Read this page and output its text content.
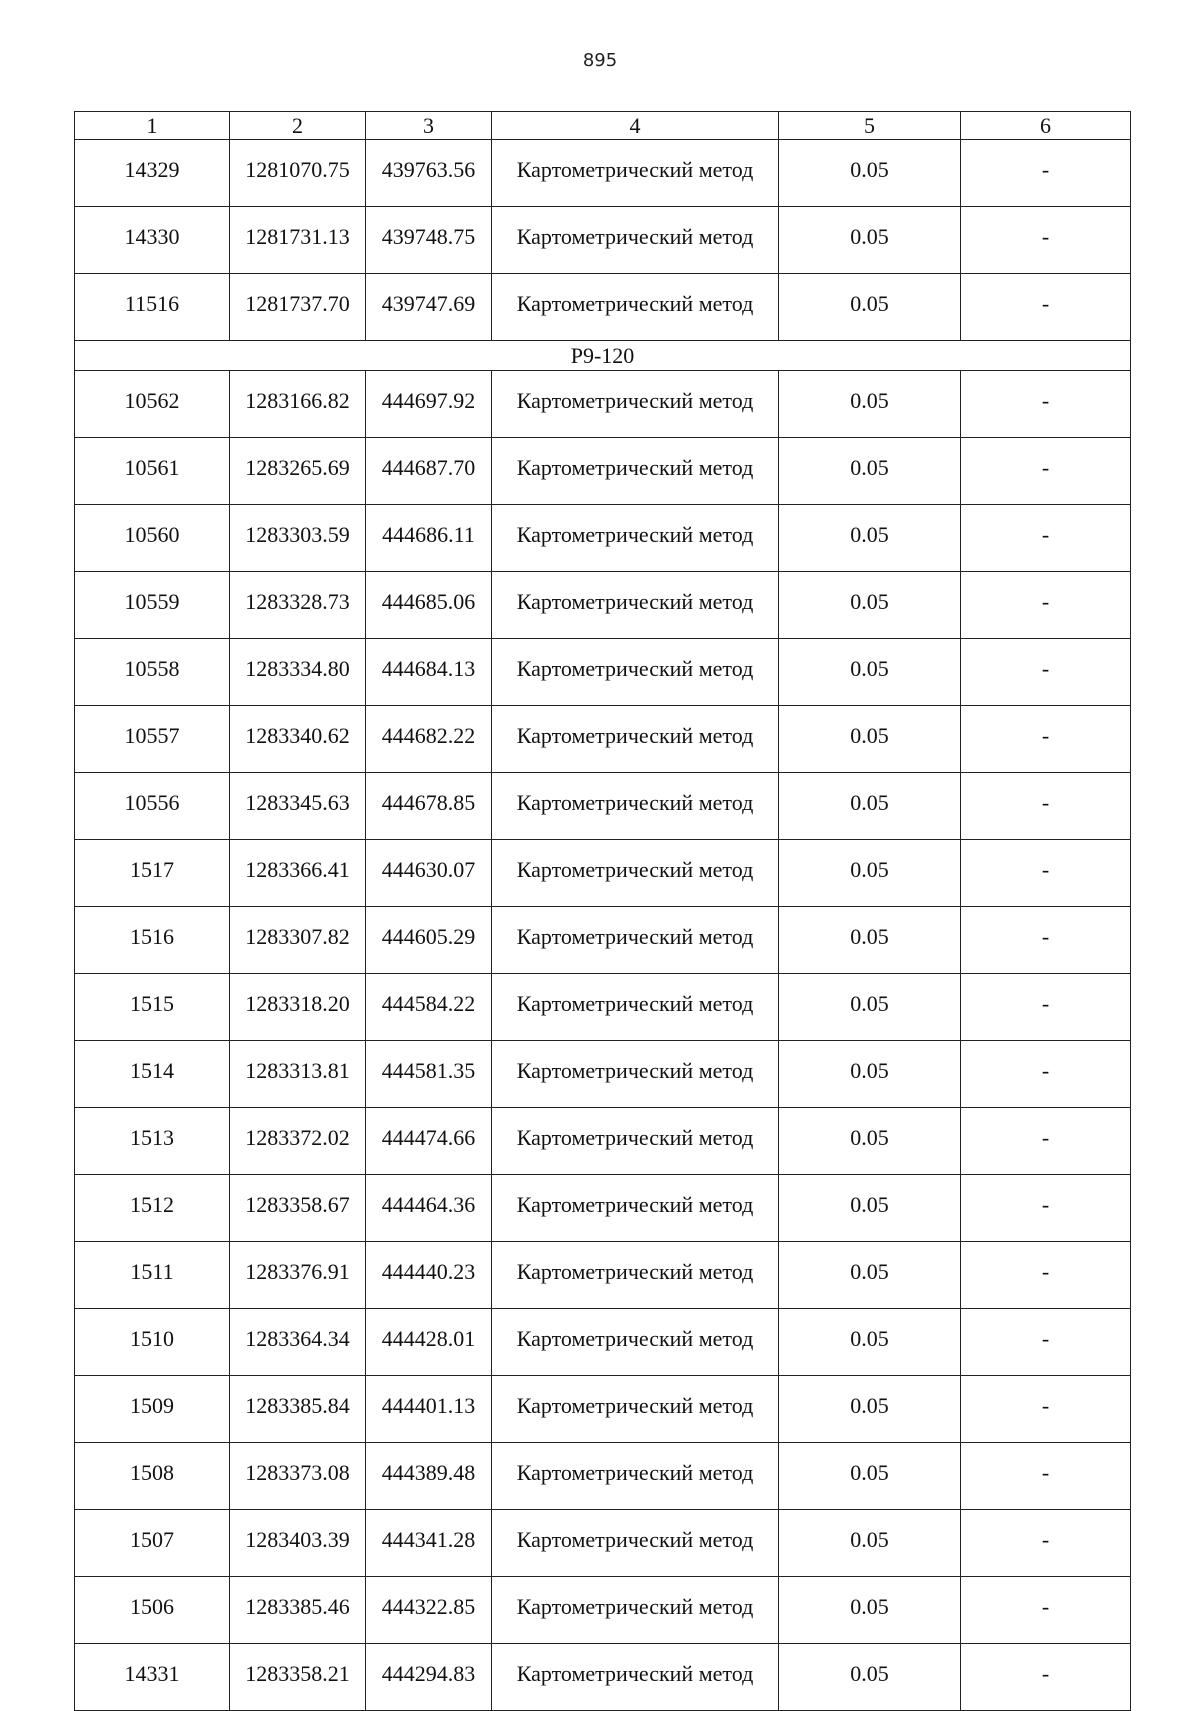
895
1	2	3	4	5	6
14329	1281070.75	439763.56	Картометрический метод	0.05	-
14330	1281731.13	439748.75	Картометрический метод	0.05	-
11516	1281737.70	439747.69	Картометрический метод	0.05	-
Р9-120					
10562	1283166.82	444697.92	Картометрический метод	0.05	-
10561	1283265.69	444687.70	Картометрический метод	0.05	-
10560	1283303.59	444686.11	Картометрический метод	0.05	-
10559	1283328.73	444685.06	Картометрический метод	0.05	-
10558	1283334.80	444684.13	Картометрический метод	0.05	-
10557	1283340.62	444682.22	Картометрический метод	0.05	-
10556	1283345.63	444678.85	Картометрический метод	0.05	-
1517	1283366.41	444630.07	Картометрический метод	0.05	-
1516	1283307.82	444605.29	Картометрический метод	0.05	-
1515	1283318.20	444584.22	Картометрический метод	0.05	-
1514	1283313.81	444581.35	Картометрический метод	0.05	-
1513	1283372.02	444474.66	Картометрический метод	0.05	-
1512	1283358.67	444464.36	Картометрический метод	0.05	-
1511	1283376.91	444440.23	Картометрический метод	0.05	-
1510	1283364.34	444428.01	Картометрический метод	0.05	-
1509	1283385.84	444401.13	Картометрический метод	0.05	-
1508	1283373.08	444389.48	Картометрический метод	0.05	-
1507	1283403.39	444341.28	Картометрический метод	0.05	-
1506	1283385.46	444322.85	Картометрический метод	0.05	-
14331	1283358.21	444294.83	Картометрический метод	0.05	-
